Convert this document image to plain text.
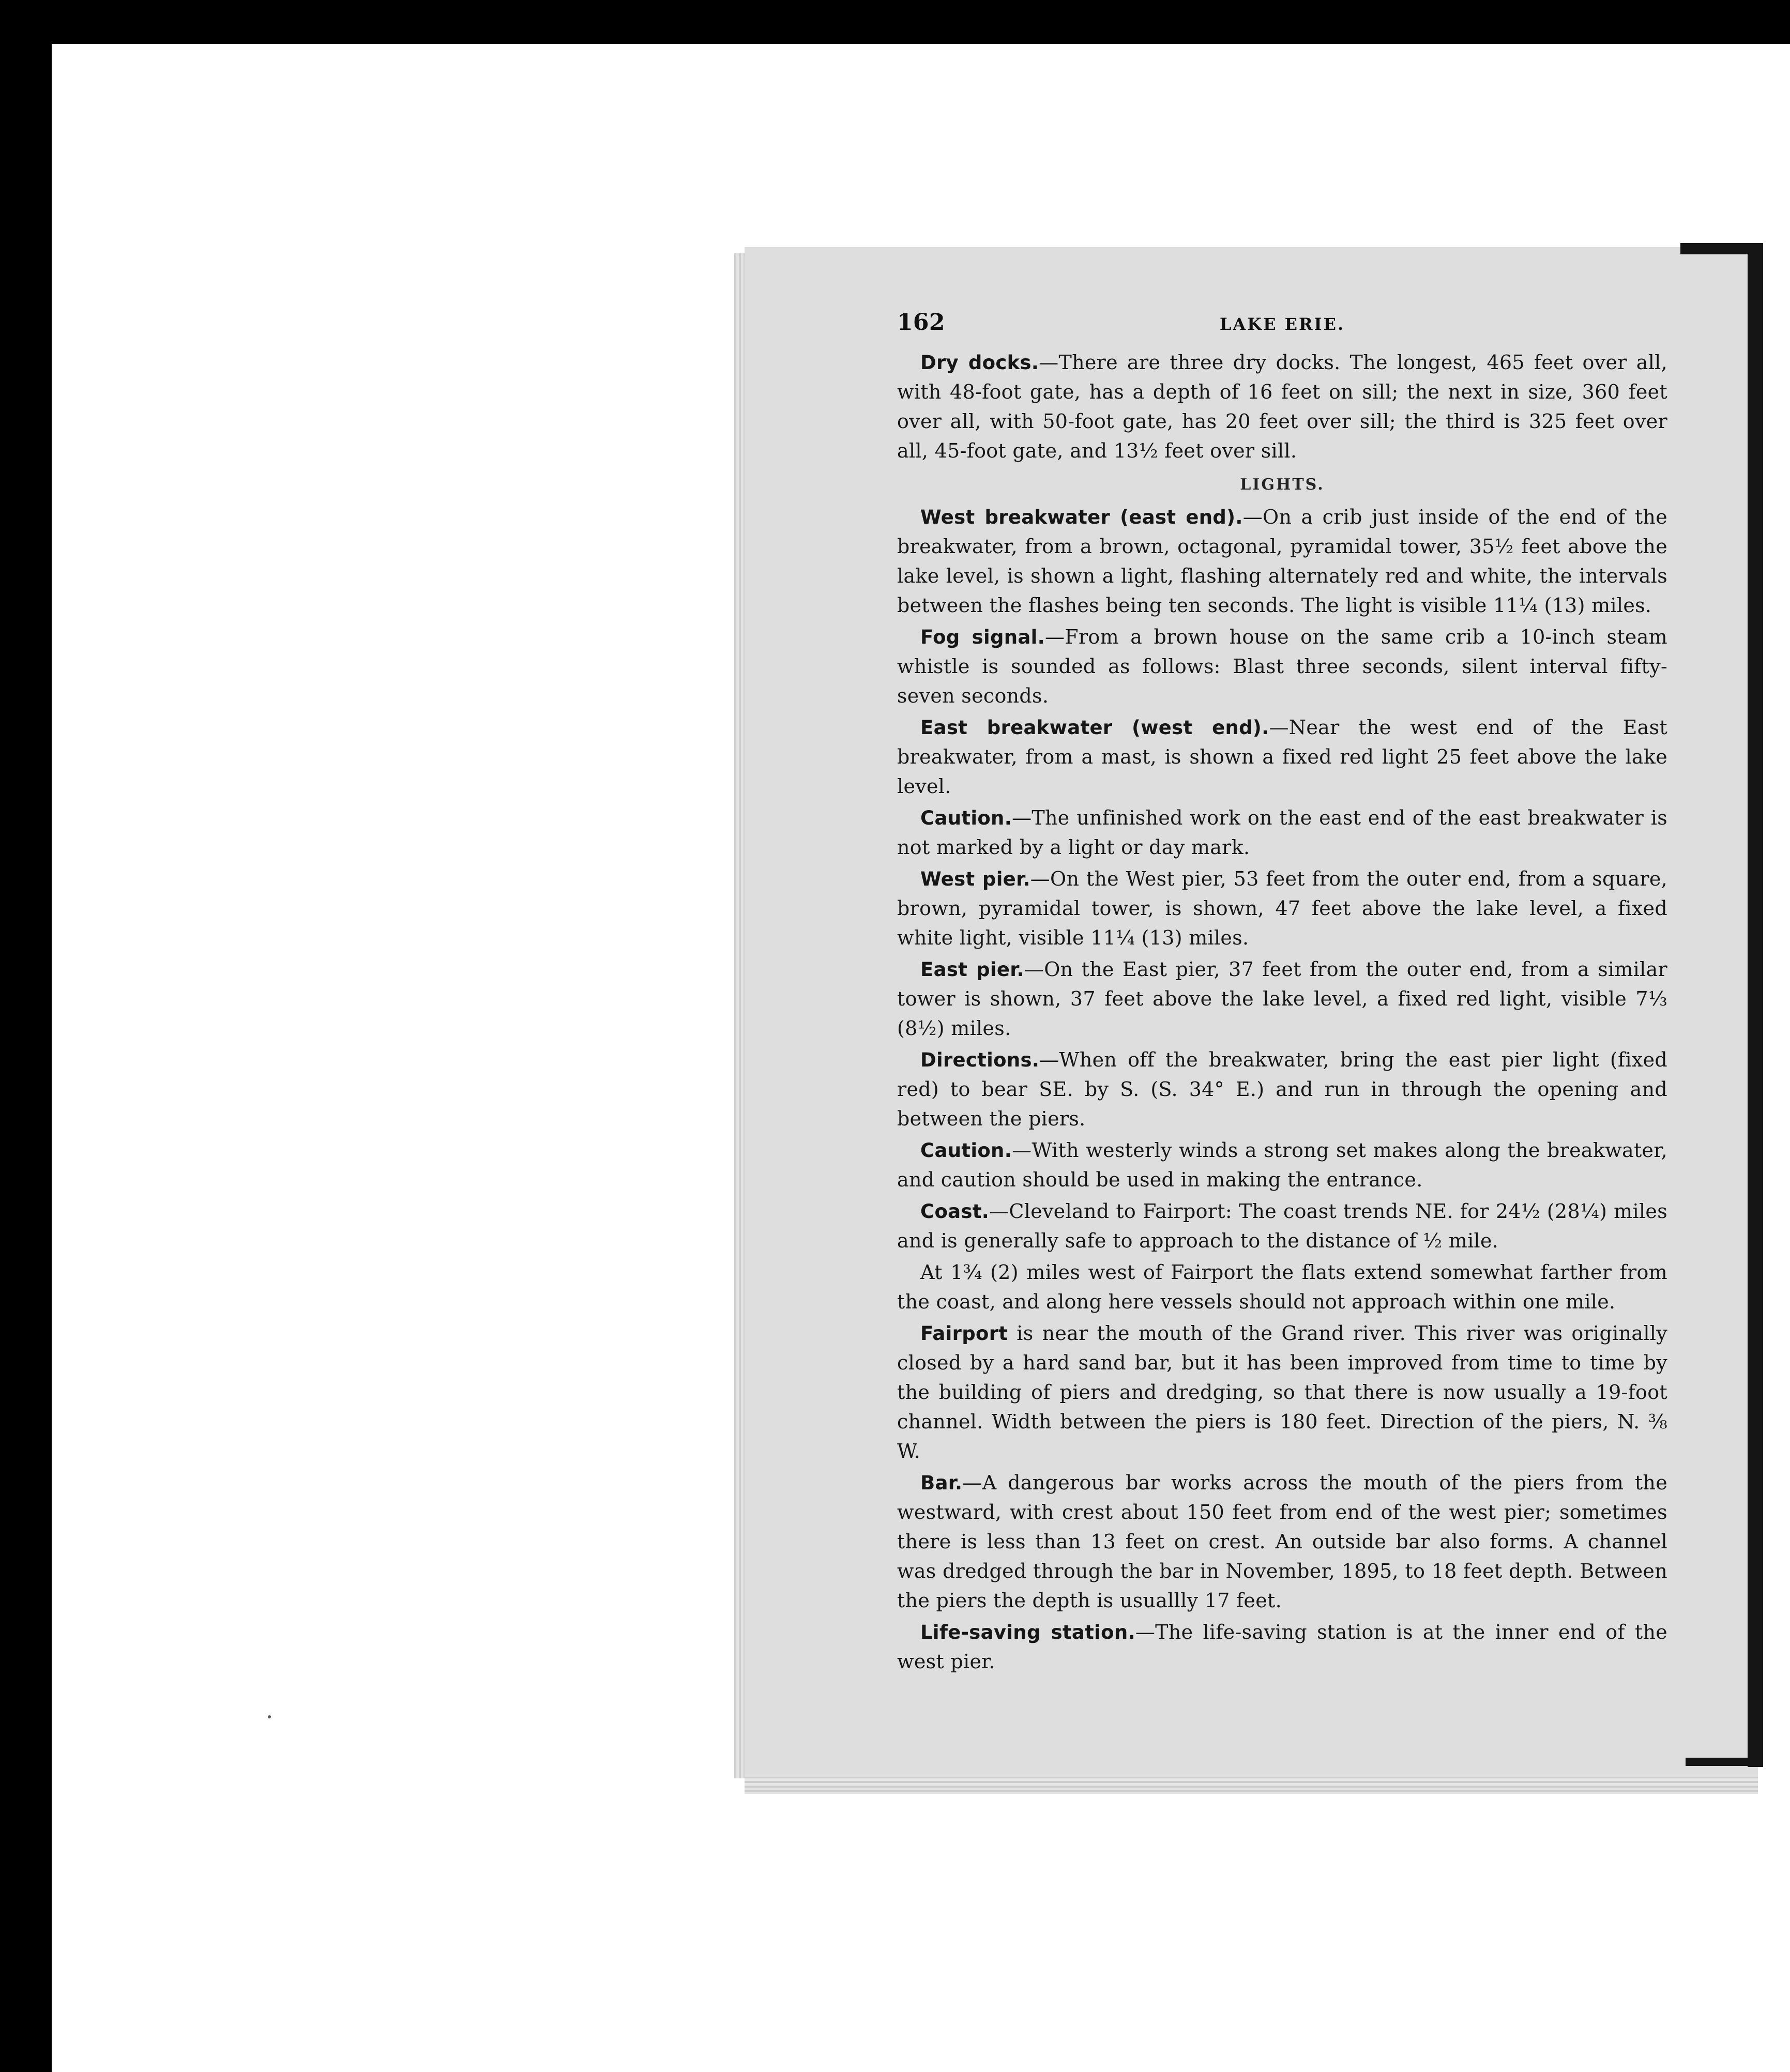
162	LAKE ERIE.

Dry docks.—There are three dry docks. The longest, 465 feet over all, with 48-foot gate, has a depth of 16 feet on sill; the next in size, 360 feet over all, with 50-foot gate, has 20 feet over sill; the third is 325 feet over all, 45-foot gate, and 13½ feet over sill.

LIGHTS.

West breakwater (east end).—On a crib just inside of the end of the breakwater, from a brown, octagonal, pyramidal tower, 35½ feet above the lake level, is shown a light, flashing alternately red and white, the intervals between the flashes being ten seconds. The light is visible 11¼ (13) miles.

Fog signal.—From a brown house on the same crib a 10-inch steam whistle is sounded as follows: Blast three seconds, silent interval fifty-seven seconds.

East breakwater (west end).—Near the west end of the East breakwater, from a mast, is shown a fixed red light 25 feet above the lake level.

Caution.—The unfinished work on the east end of the east breakwater is not marked by a light or day mark.

West pier.—On the West pier, 53 feet from the outer end, from a square, brown, pyramidal tower, is shown, 47 feet above the lake level, a fixed white light, visible 11¼ (13) miles.

East pier.—On the East pier, 37 feet from the outer end, from a similar tower is shown, 37 feet above the lake level, a fixed red light, visible 7⅓ (8½) miles.

Directions.—When off the breakwater, bring the east pier light (fixed red) to bear SE. by S. (S. 34° E.) and run in through the opening and between the piers.

Caution.—With westerly winds a strong set makes along the breakwater, and caution should be used in making the entrance.

Coast.—Cleveland to Fairport: The coast trends NE. for 24½ (28¼) miles and is generally safe to approach to the distance of ½ mile.

At 1¾ (2) miles west of Fairport the flats extend somewhat farther from the coast, and along here vessels should not approach within one mile.

Fairport is near the mouth of the Grand river. This river was originally closed by a hard sand bar, but it has been improved from time to time by the building of piers and dredging, so that there is now usually a 19-foot channel. Width between the piers is 180 feet. Direction of the piers, N. ⅜ W.

Bar.—A dangerous bar works across the mouth of the piers from the westward, with crest about 150 feet from end of the west pier; sometimes there is less than 13 feet on crest. An outside bar also forms. A channel was dredged through the bar in November, 1895, to 18 feet depth. Between the piers the depth is usuallly 17 feet.

Life-saving station.—The life-saving station is at the inner end of the west pier.
